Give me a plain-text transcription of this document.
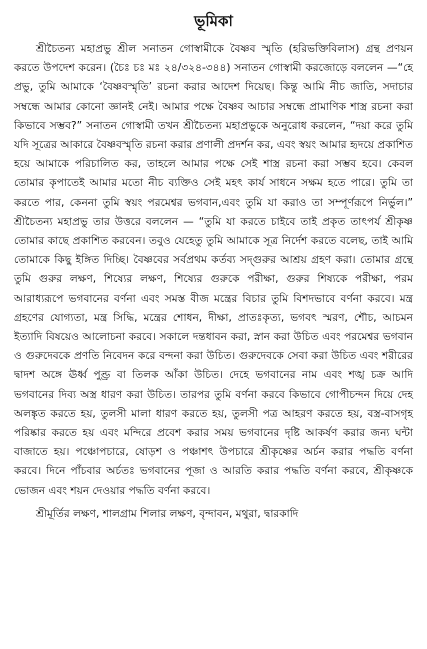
ভূমিকা

শ্রীচৈতন্য মহাপ্রভু শ্রীল সনাতন গোস্বামীকে বৈষ্ণব স্মৃতি (হরিভক্তিবিলাস) গ্রন্থ প্রণয়ন করতে উপদেশ করেন। (চৈঃ চঃ মঃ ২৪/৩২৪-৩৪৪) সনাতন গোস্বামী করজোড়ে বললেন —“হে প্রভু, তুমি আমাকে ‘বৈষ্ণবস্মৃতি’ রচনা করার আদেশ দিয়েছ। কিন্তু আমি নীচ জাতি, সদাচার সম্বন্ধে আমার কোনো জ্ঞানই নেই। আমার পক্ষে বৈষ্ণব আচার সম্বন্ধে প্রামাণিক শাস্ত্র রচনা করা কিভাবে সম্ভব?” সনাতন গোস্বামী তখন শ্রীচৈতন্য মহাপ্রভুকে অনুরোধ করলেন, “দয়া করে তুমি যদি সূত্রের আকারে বৈষ্ণবস্মৃতি রচনা করার প্রণালী প্রদর্শন কর, এবং স্বয়ং আমার হৃদয়ে প্রকাশিত হয়ে আমাকে পরিচালিত কর, তাহলে আমার পক্ষে সেই শাস্ত্র রচনা করা সম্ভব হবে। কেবল তোমার কৃপাতেই আমার মতো নীচ ব্যক্তিও সেই মহৎ কার্য সাধনে সক্ষম হতে পারে। তুমি তা করতে পার, কেননা তুমি স্বয়ং পরমেশ্বর ভগবান,এবং তুমি যা করাও তা সম্পূর্ণরূপে নির্ভুল।” শ্রীচৈতন্য মহাপ্রভু তার উত্তরে বললেন — “তুমি যা করতে চাইবে তাই প্রকৃত তাৎপর্য শ্রীকৃষ্ণ তোমার কাছে প্রকাশিত করবেন। তবুও যেহেতু তুমি আমাকে সূত্র নির্দেশ করতে বলেছ, তাই আমি তোমাকে কিছু ইঙ্গিত দিচ্ছি। বৈষ্ণবের সর্বপ্রথম কর্তব্য সদ্গুরুর আশ্রয় গ্রহণ করা। তোমার গ্রন্থে তুমি গুরুর লক্ষণ, শিষ্যের লক্ষণ, শিষ্যের গুরুকে পরীক্ষা, গুরুর শিষ্যকে পরীক্ষা, পরম আরাধ্যরূপে ভগবানের বর্ণনা এবং সমস্ত বীজ মন্ত্রের বিচার তুমি বিশদভাবে বর্ণনা করবে। মন্ত্র গ্রহণের যোগ্যতা, মন্ত্র সিদ্ধি, মন্ত্রের শোধন, দীক্ষা, প্রাতঃকৃত্য, ভগবৎ স্মরণ, শৌচ, আচমন ইত্যাদি বিষয়েও আলোচনা করবে। সকালে দন্তধাবন করা, স্নান করা উচিত এবং পরমেশ্বর ভগবান ও গুরুদেবকে প্রণতি নিবেদন করে বন্দনা করা উচিত। গুরুদেবকে সেবা করা উচিত এবং শরীরের দ্বাদশ অঙ্গে ঊর্ধ্ব পুণ্ড্র বা তিলক আঁকা উচিত। দেহে ভগবানের নাম এবং শঙ্খ চক্র আদি ভগবানের দিব্য অস্ত্র ধারণ করা উচিত। তারপর তুমি বর্ণনা করবে কিভাবে গোপীচন্দন দিয়ে দেহ অলঙ্কৃত করতে হয়, তুলসী মালা ধারণ করতে হয়, তুলসী পত্র আহরণ করতে হয়, বস্ত্র-বাসগৃহ পরিষ্কার করতে হয় এবং মন্দিরে প্রবেশ করার সময় ভগবানের দৃষ্টি আকর্ষণ করার জন্য ঘন্টা বাজাতে হয়। পঞ্চোপচারে, ষোড়শ ও পঞ্চাশৎ উপচারে শ্রীকৃষ্ণের অর্চন করার পদ্ধতি বর্ণনা করবে। দিনে পাঁচবার অর্চতঃ ভগবানের পূজা ও আরতি করার পদ্ধতি বর্ণনা করবে, শ্রীকৃষ্ণকে ভোজন এবং শয়ন দেওয়ার পদ্ধতি বর্ণনা করবে।

শ্রীমূর্তির লক্ষণ, শালগ্রাম শিলার লক্ষণ, বৃন্দাবন, মথুরা, দ্বারকাদি
